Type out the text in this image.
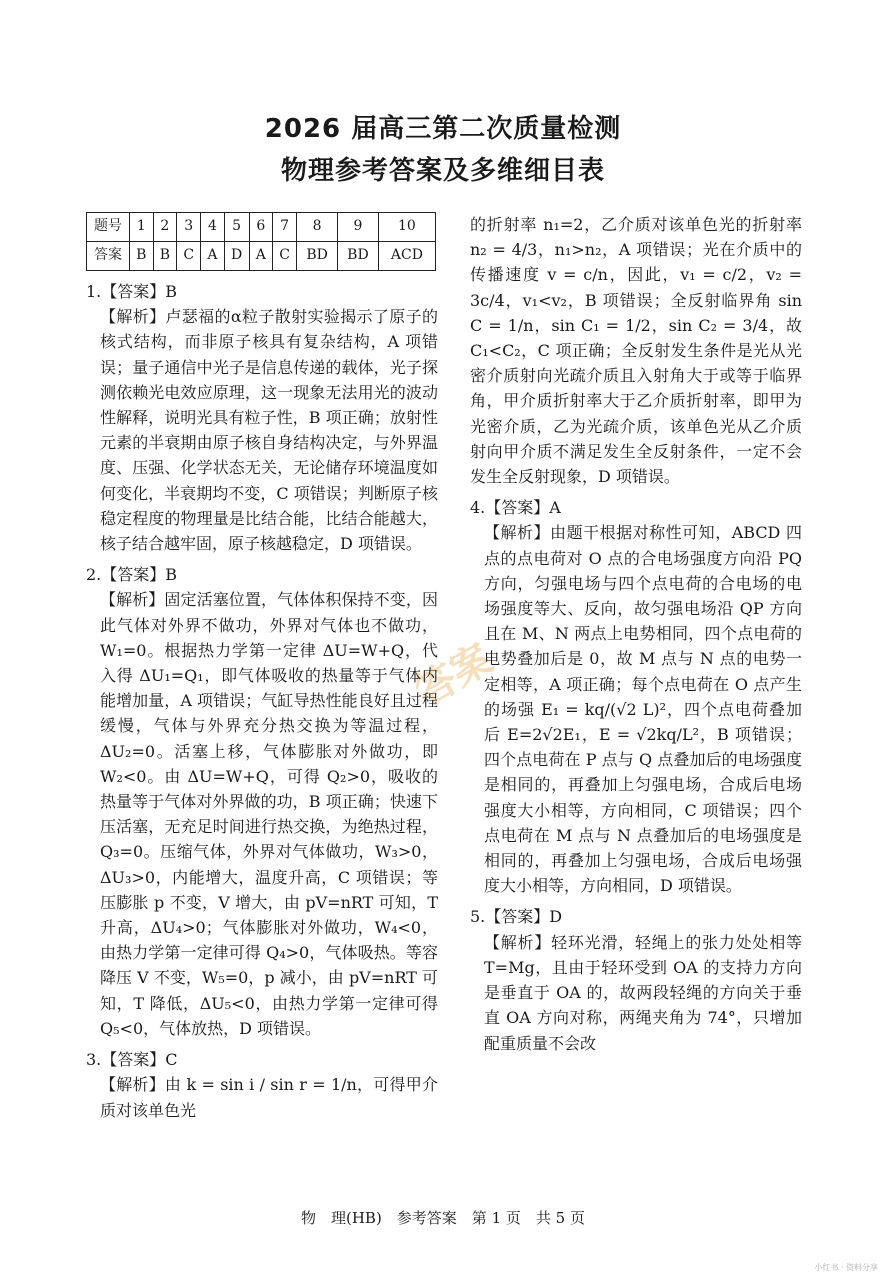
2026 届高三第二次质量检测
物理参考答案及多维细目表
答案
题号	1	2	3	4	5	6	7	8	9	10
答案	B	B	C	A	D	A	C	BD	BD	ACD

1.【答案】B

【解析】卢瑟福的α粒子散射实验揭示了原子的核式结构，而非原子核具有复杂结构，A 项错误；量子通信中光子是信息传递的载体，光子探测依赖光电效应原理，这一现象无法用光的波动性解释，说明光具有粒子性，B 项正确；放射性元素的半衰期由原子核自身结构决定，与外界温度、压强、化学状态无关，无论储存环境温度如何变化，半衰期均不变，C 项错误；判断原子核稳定程度的物理量是比结合能，比结合能越大，核子结合越牢固，原子核越稳定，D 项错误。

2.【答案】B

【解析】固定活塞位置，气体体积保持不变，因此气体对外界不做功，外界对气体也不做功，W₁=0。根据热力学第一定律 ΔU=W+Q，代入得 ΔU₁=Q₁，即气体吸收的热量等于气体内能增加量，A 项错误；气缸导热性能良好且过程缓慢，气体与外界充分热交换为等温过程，ΔU₂=0。活塞上移，气体膨胀对外做功，即 W₂<0。由 ΔU=W+Q，可得 Q₂>0，吸收的热量等于气体对外界做的功，B 项正确；快速下压活塞，无充足时间进行热交换，为绝热过程，Q₃=0。压缩气体，外界对气体做功，W₃>0，ΔU₃>0，内能增大，温度升高，C 项错误；等压膨胀 p 不变，V 增大，由 pV=nRT 可知，T 升高，ΔU₄>0；气体膨胀对外做功，W₄<0，由热力学第一定律可得 Q₄>0，气体吸热。等容降压 V 不变，W₅=0，p 减小，由 pV=nRT 可知，T 降低，ΔU₅<0，由热力学第一定律可得 Q₅<0，气体放热，D 项错误。

3.【答案】C

【解析】由 k = sin i / sin r = 1/n，可得甲介质对该单色光

的折射率 n₁=2，乙介质对该单色光的折射率 n₂ = 4/3，n₁>n₂，A 项错误；光在介质中的传播速度 v = c/n，因此，v₁ = c/2，v₂ = 3c/4，v₁<v₂，B 项错误；全反射临界角 sin C = 1/n，sin C₁ = 1/2，sin C₂ = 3/4，故 C₁<C₂，C 项正确；全反射发生条件是光从光密介质射向光疏介质且入射角大于或等于临界角，甲介质折射率大于乙介质折射率，即甲为光密介质，乙为光疏介质，该单色光从乙介质射向甲介质不满足发生全反射条件，一定不会发生全反射现象，D 项错误。

4.【答案】A

【解析】由题干根据对称性可知，ABCD 四点的点电荷对 O 点的合电场强度方向沿 PQ 方向，匀强电场与四个点电荷的合电场的电场强度等大、反向，故匀强电场沿 QP 方向且在 M、N 两点上电势相同，四个点电荷的电势叠加后是 0，故 M 点与 N 点的电势一定相等，A 项正确；每个点电荷在 O 点产生的场强 E₁ = kq/(√2 L)²，四个点电荷叠加后 E=2√2E₁，E = √2kq/L²，B 项错误；四个点电荷在 P 点与 Q 点叠加后的电场强度是相同的，再叠加上匀强电场，合成后电场强度大小相等，方向相同，C 项错误；四个点电荷在 M 点与 N 点叠加后的电场强度是相同的，再叠加上匀强电场，合成后电场强度大小相等，方向相同，D 项错误。

5.【答案】D

【解析】轻环光滑，轻绳上的张力处处相等 T=Mg，且由于轻环受到 OA 的支持力方向是垂直于 OA 的，故两段轻绳的方向关于垂直 OA 方向对称，两绳夹角为 74°，只增加配重质量不会改

物　理(HB)　参考答案　第 1 页　共 5 页
小红书 · 资料分享
